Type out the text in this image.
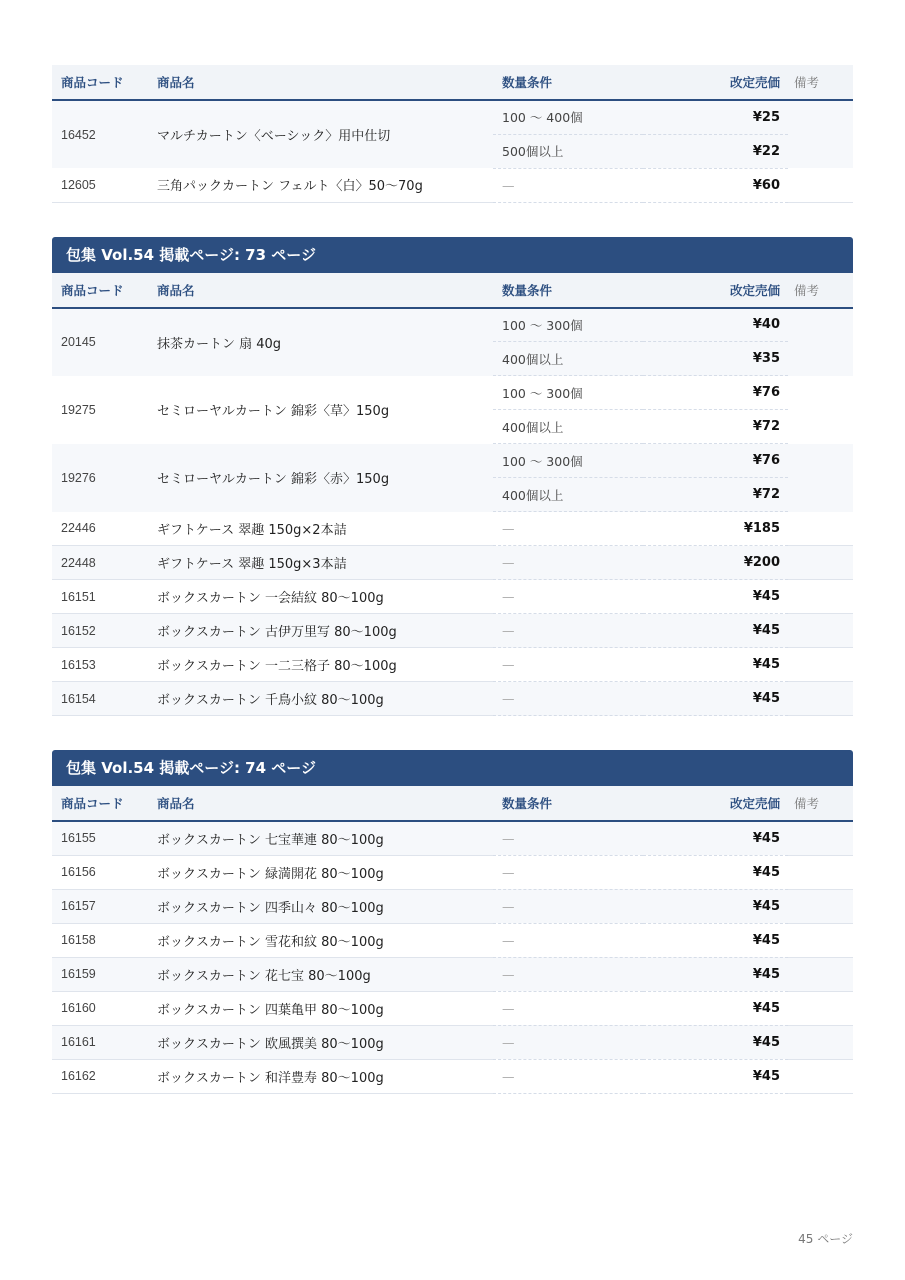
商品コード	商品名	数量条件	改定売価	備考
16452	マルチカートン〈ベーシック〉用中仕切	100 〜 400個	¥25	
		500個以上	¥22	
12605	三角パックカートン フェルト〈白〉50〜70g	—	¥60	
包集 Vol.54 掲載ページ: 73 ページ
商品コード	商品名	数量条件	改定売価	備考
20145	抹茶カートン 扇 40g	100 〜 300個	¥40	
		400個以上	¥35	
19275	セミローヤルカートン 錦彩〈草〉150g	100 〜 300個	¥76	
		400個以上	¥72	
19276	セミローヤルカートン 錦彩〈赤〉150g	100 〜 300個	¥76	
		400個以上	¥72	
22446	ギフトケース 翠趣 150g×2本詰	—	¥185	
22448	ギフトケース 翠趣 150g×3本詰	—	¥200	
16151	ボックスカートン 一会結紋 80〜100g	—	¥45	
16152	ボックスカートン 古伊万里写 80〜100g	—	¥45	
16153	ボックスカートン 一二三格子 80〜100g	—	¥45	
16154	ボックスカートン 千鳥小紋 80〜100g	—	¥45	
包集 Vol.54 掲載ページ: 74 ページ
商品コード	商品名	数量条件	改定売価	備考
16155	ボックスカートン 七宝華連 80〜100g	—	¥45	
16156	ボックスカートン 緑満開花 80〜100g	—	¥45	
16157	ボックスカートン 四季山々 80〜100g	—	¥45	
16158	ボックスカートン 雪花和紋 80〜100g	—	¥45	
16159	ボックスカートン 花七宝 80〜100g	—	¥45	
16160	ボックスカートン 四葉亀甲 80〜100g	—	¥45	
16161	ボックスカートン 欧風撰美 80〜100g	—	¥45	
16162	ボックスカートン 和洋豊寿 80〜100g	—	¥45	
45 ページ
